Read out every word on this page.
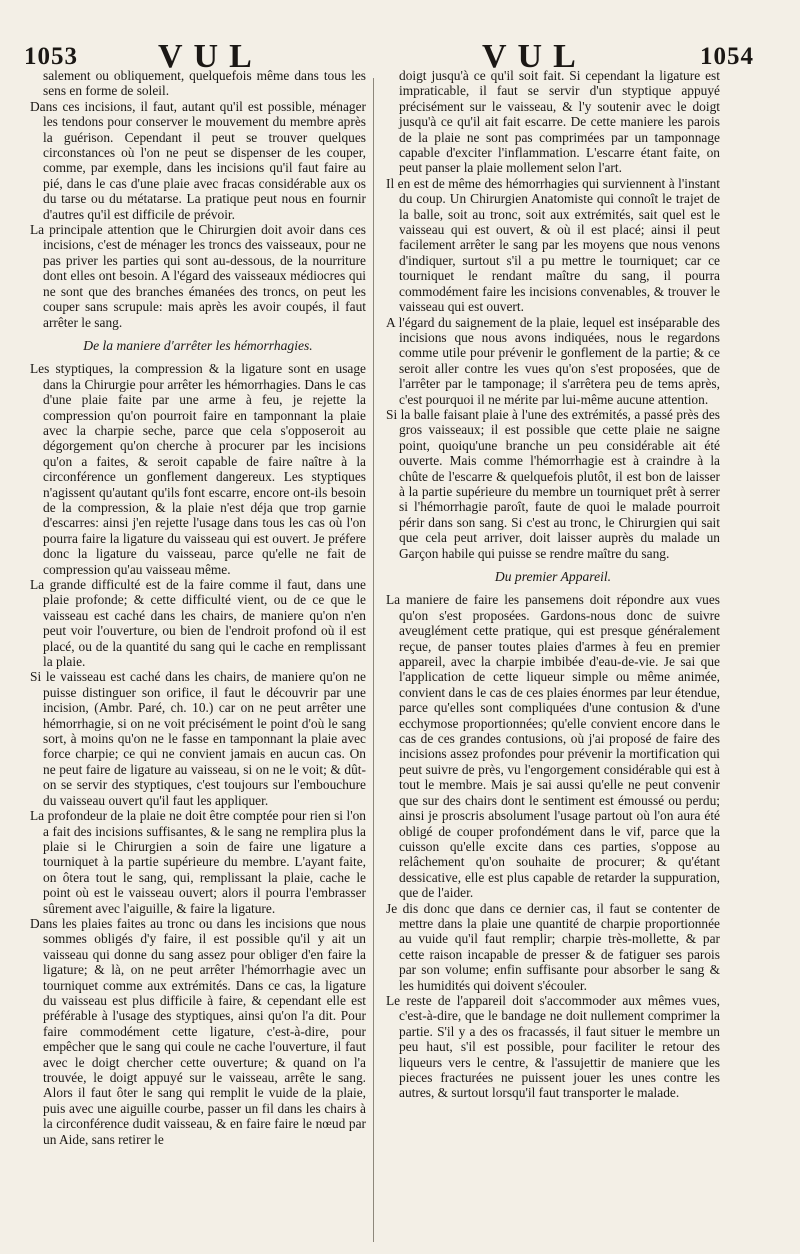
1053 VUL	VUL	1054

salement ou obliquement, quelquefois même dans tous les sens en forme de soleil.

Dans ces incisions, il faut, autant qu'il est possible, ménager les tendons pour conserver le mouvement du membre après la guérison. Cependant il peut se trouver quelques circonstances où l'on ne peut se dispenser de les couper, comme, par exemple, dans les incisions qu'il faut faire au pié, dans le cas d'une plaie avec fracas considérable aux os du tarse ou du métatarse. La pratique peut nous en fournir d'autres qu'il est difficile de prévoir.

La principale attention que le Chirurgien doit avoir dans ces incisions, c'est de ménager les troncs des vaisseaux, pour ne pas priver les parties qui sont au-dessous, de la nourriture dont elles ont besoin. A l'égard des vaisseaux médiocres qui ne sont que des branches émanées des troncs, on peut les couper sans scrupule: mais après les avoir coupés, il faut arrêter le sang.

De la maniere d'arrêter les hémorrhagies.

Les styptiques, la compression & la ligature sont en usage dans la Chirurgie pour arrêter les hémorrhagies. Dans le cas d'une plaie faite par une arme à feu, je rejette la compression qu'on pourroit faire en tamponnant la plaie avec la charpie seche, parce que cela s'opposeroit au dégorgement qu'on cherche à procurer par les incisions qu'on a faites, & seroit capable de faire naître à la circonférence un gonflement dangereux. Les styptiques n'agissent qu'autant qu'ils font escarre, encore ont-ils besoin de la compression, & la plaie n'est déja que trop garnie d'escarres: ainsi j'en rejette l'usage dans tous les cas où l'on pourra faire la ligature du vaisseau qui est ouvert. Je préfere donc la ligature du vaisseau, parce qu'elle ne fait de compression qu'au vaisseau même.

La grande difficulté est de la faire comme il faut, dans une plaie profonde; & cette difficulté vient, ou de ce que le vaisseau est caché dans les chairs, de maniere qu'on n'en peut voir l'ouverture, ou bien de l'endroit profond où il est placé, ou de la quantité du sang qui le cache en remplissant la plaie.

Si le vaisseau est caché dans les chairs, de maniere qu'on ne puisse distinguer son orifice, il faut le découvrir par une incision, (Ambr. Paré, ch. 10.) car on ne peut arrêter une hémorrhagie, si on ne voit précisément le point d'où le sang sort, à moins qu'on ne le fasse en tamponnant la plaie avec force charpie; ce qui ne convient jamais en aucun cas. On ne peut faire de ligature au vaisseau, si on ne le voit; & dût-on se servir des styptiques, c'est toujours sur l'embouchure du vaisseau ouvert qu'il faut les appliquer.

La profondeur de la plaie ne doit être comptée pour rien si l'on a fait des incisions suffisantes, & le sang ne remplira plus la plaie si le Chirurgien a soin de faire une ligature a tourniquet à la partie supérieure du membre. L'ayant faite, on ôtera tout le sang, qui, remplissant la plaie, cache le point où est le vaisseau ouvert; alors il pourra l'embrasser sûrement avec l'aiguille, & faire la ligature.

Dans les plaies faites au tronc ou dans les incisions que nous sommes obligés d'y faire, il est possible qu'il y ait un vaisseau qui donne du sang assez pour obliger d'en faire la ligature; & là, on ne peut arrêter l'hémorrhagie avec un tourniquet comme aux extrémités. Dans ce cas, la ligature du vaisseau est plus difficile à faire, & cependant elle est préférable à l'usage des styptiques, ainsi qu'on l'a dit. Pour faire commodément cette ligature, c'est-à-dire, pour empêcher que le sang qui coule ne cache l'ouverture, il faut avec le doigt chercher cette ouverture; & quand on l'a trouvée, le doigt appuyé sur le vaisseau, arrête le sang. Alors il faut ôter le sang qui remplit le vuide de la plaie, puis avec une aiguille courbe, passer un fil dans les chairs à la circonférence dudit vaisseau, & en faire faire le nœud par un Aide, sans retirer le

doigt jusqu'à ce qu'il soit fait. Si cependant la ligature est impraticable, il faut se servir d'un styptique appuyé précisément sur le vaisseau, & l'y soutenir avec le doigt jusqu'à ce qu'il ait fait escarre. De cette maniere les parois de la plaie ne sont pas comprimées par un tamponnage capable d'exciter l'inflammation. L'escarre étant faite, on peut panser la plaie mollement selon l'art.

Il en est de même des hémorrhagies qui surviennent à l'instant du coup. Un Chirurgien Anatomiste qui connoît le trajet de la balle, soit au tronc, soit aux extrémités, sait quel est le vaisseau qui est ouvert, & où il est placé; ainsi il peut facilement arrêter le sang par les moyens que nous venons d'indiquer, surtout s'il a pu mettre le tourniquet; car ce tourniquet le rendant maître du sang, il pourra commodément faire les incisions convenables, & trouver le vaisseau qui est ouvert.

A l'égard du saignement de la plaie, lequel est inséparable des incisions que nous avons indiquées, nous le regardons comme utile pour prévenir le gonflement de la partie; & ce seroit aller contre les vues qu'on s'est proposées, que de l'arrêter par le tamponage; il s'arrêtera peu de tems après, c'est pourquoi il ne mérite par lui-même aucune attention.

Si la balle faisant plaie à l'une des extrémités, a passé près des gros vaisseaux; il est possible que cette plaie ne saigne point, quoiqu'une branche un peu considérable ait été ouverte. Mais comme l'hémorrhagie est à craindre à la chûte de l'escarre & quelquefois plutôt, il est bon de laisser à la partie supérieure du membre un tourniquet prêt à serrer si l'hémorrhagie paroît, faute de quoi le malade pourroit périr dans son sang. Si c'est au tronc, le Chirurgien qui sait que cela peut arriver, doit laisser auprès du malade un Garçon habile qui puisse se rendre maître du sang.

Du premier Appareil.

La maniere de faire les pansemens doit répondre aux vues qu'on s'est proposées. Gardons-nous donc de suivre aveuglément cette pratique, qui est presque généralement reçue, de panser toutes plaies d'armes à feu en premier appareil, avec la charpie imbibée d'eau-de-vie. Je sai que l'application de cette liqueur simple ou même animée, convient dans le cas de ces plaies énormes par leur étendue, parce qu'elles sont compliquées d'une contusion & d'une ecchymose proportionnées; qu'elle convient encore dans le cas de ces grandes contusions, où j'ai proposé de faire des incisions assez profondes pour prévenir la mortification qui peut suivre de près, vu l'engorgement considérable qui est à tout le membre. Mais je sai aussi qu'elle ne peut convenir que sur des chairs dont le sentiment est émoussé ou perdu; ainsi je proscris absolument l'usage partout où l'on aura été obligé de couper profondément dans le vif, parce que la cuisson qu'elle excite dans ces parties, s'oppose au relâchement qu'on souhaite de procurer; & qu'étant dessicative, elle est plus capable de retarder la suppuration, que de l'aider.

Je dis donc que dans ce dernier cas, il faut se contenter de mettre dans la plaie une quantité de charpie proportionnée au vuide qu'il faut remplir; charpie très-mollette, & par cette raison incapable de presser & de fatiguer ses parois par son volume; enfin suffisante pour absorber le sang & les humidités qui doivent s'écouler.

Le reste de l'appareil doit s'accommoder aux mêmes vues, c'est-à-dire, que le bandage ne doit nullement comprimer la partie. S'il y a des os fracassés, il faut situer le membre un peu haut, s'il est possible, pour faciliter le retour des liqueurs vers le centre, & l'assujettir de maniere que les pieces fracturées ne puissent jouer les unes contre les autres, & surtout lorsqu'il faut transporter le malade.
